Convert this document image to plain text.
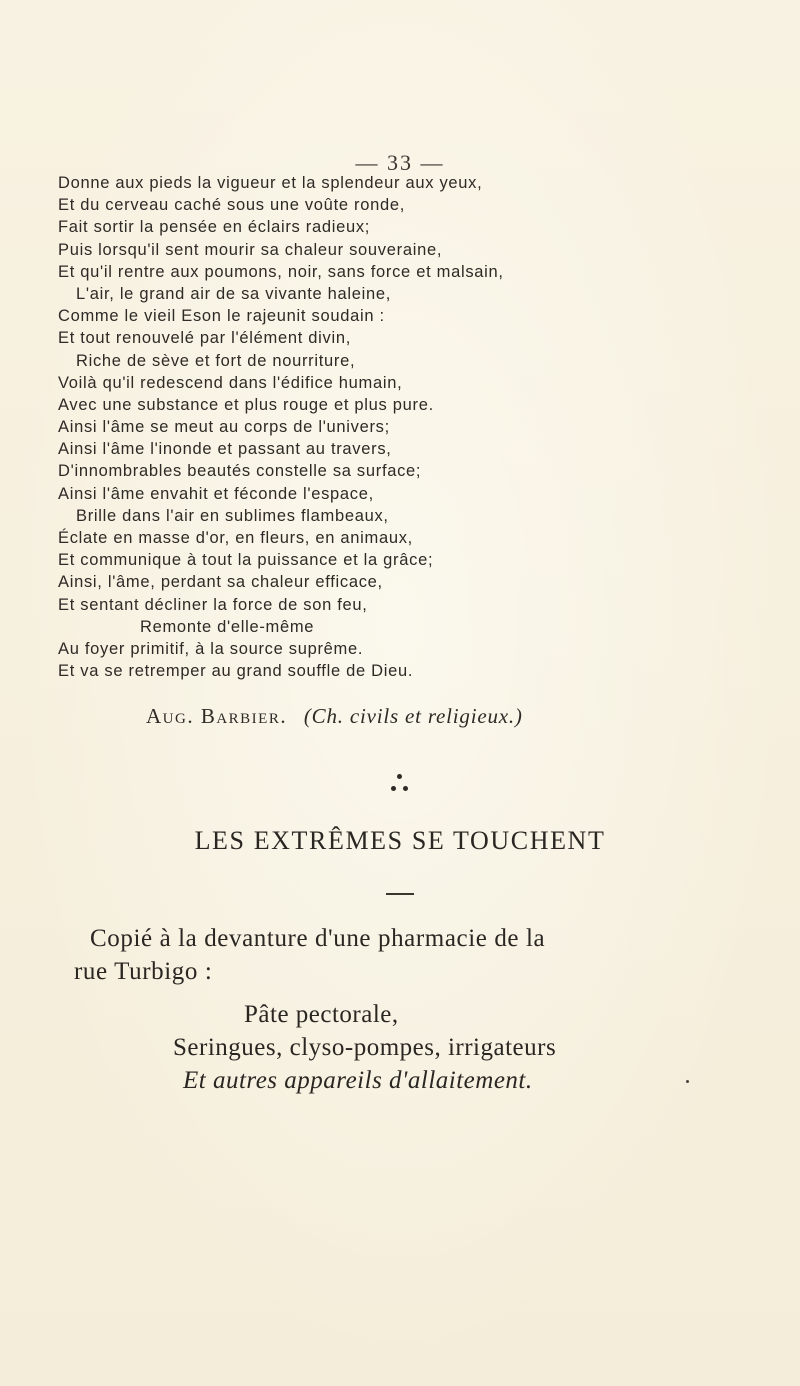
— 33 —
Donne aux pieds la vigueur et la splendeur aux yeux,
Et du cerveau caché sous une voûte ronde,
Fait sortir la pensée en éclairs radieux;
Puis lorsqu'il sent mourir sa chaleur souveraine,
Et qu'il rentre aux poumons, noir, sans force et malsain,
L'air, le grand air de sa vivante haleine,
Comme le vieil Eson le rajeunit soudain :
Et tout renouvelé par l'élément divin,
Riche de sève et fort de nourriture,
Voilà qu'il redescend dans l'édifice humain,
Avec une substance et plus rouge et plus pure.
Ainsi l'âme se meut au corps de l'univers;
Ainsi l'âme l'inonde et passant au travers,
D'innombrables beautés constelle sa surface;
Ainsi l'âme envahit et féconde l'espace,
Brille dans l'air en sublimes flambeaux,
Éclate en masse d'or, en fleurs, en animaux,
Et communique à tout la puissance et la grâce;
Ainsi, l'âme, perdant sa chaleur efficace,
Et sentant décliner la force de son feu,
Remonte d'elle-même
Au foyer primitif, à la source suprême.
Et va se retremper au grand souffle de Dieu.
Aug. Barbier. (Ch. civils et religieux.)
LES EXTRÊMES SE TOUCHENT
Copié à la devanture d'une pharmacie de la
rue Turbigo :
Pâte pectorale,
Seringues, clyso-pompes, irrigateurs
Et autres appareils d'allaitement.
